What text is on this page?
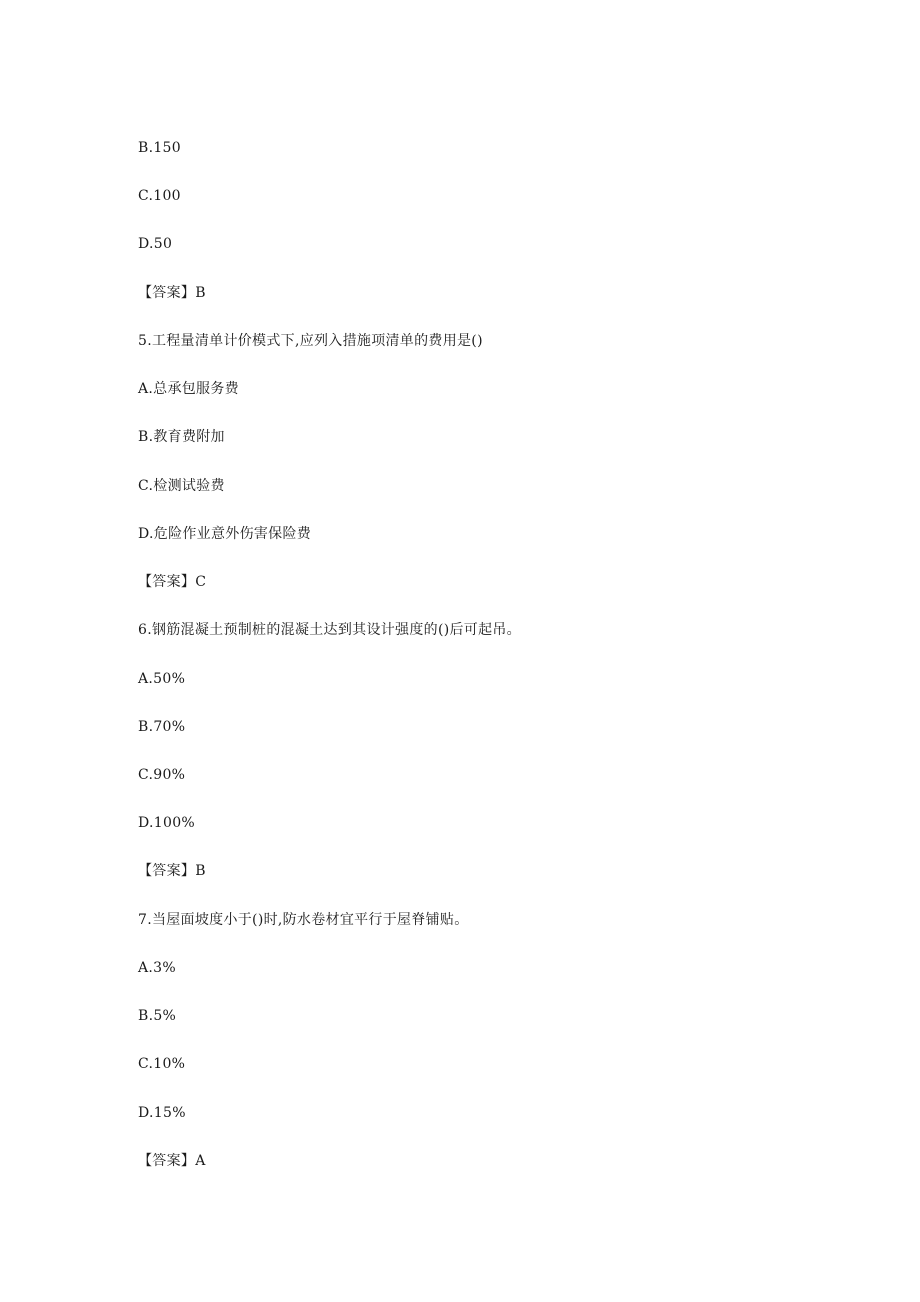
B.150
C.100
D.50
【答案】B
5.工程量清单计价模式下,应列入措施项清单的费用是()
A.总承包服务费
B.教育费附加
C.检测试验费
D.危险作业意外伤害保险费
【答案】C
6.钢筋混凝土预制桩的混凝土达到其设计强度的()后可起吊。
A.50%
B.70%
C.90%
D.100%
【答案】B
7.当屋面坡度小于()时,防水卷材宜平行于屋脊铺贴。
A.3%
B.5%
C.10%
D.15%
【答案】A
